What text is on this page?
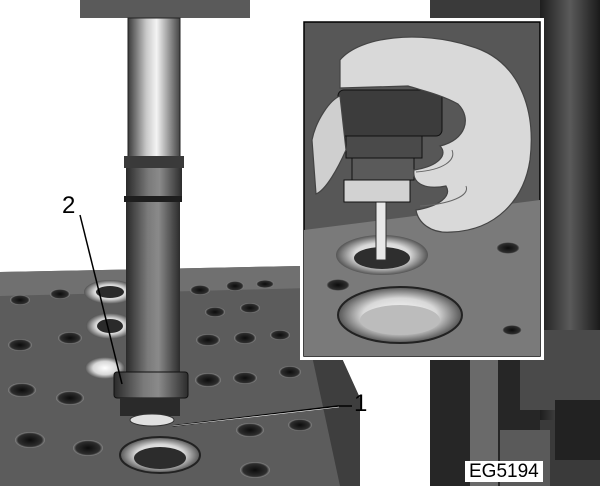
2
1
EG5194
